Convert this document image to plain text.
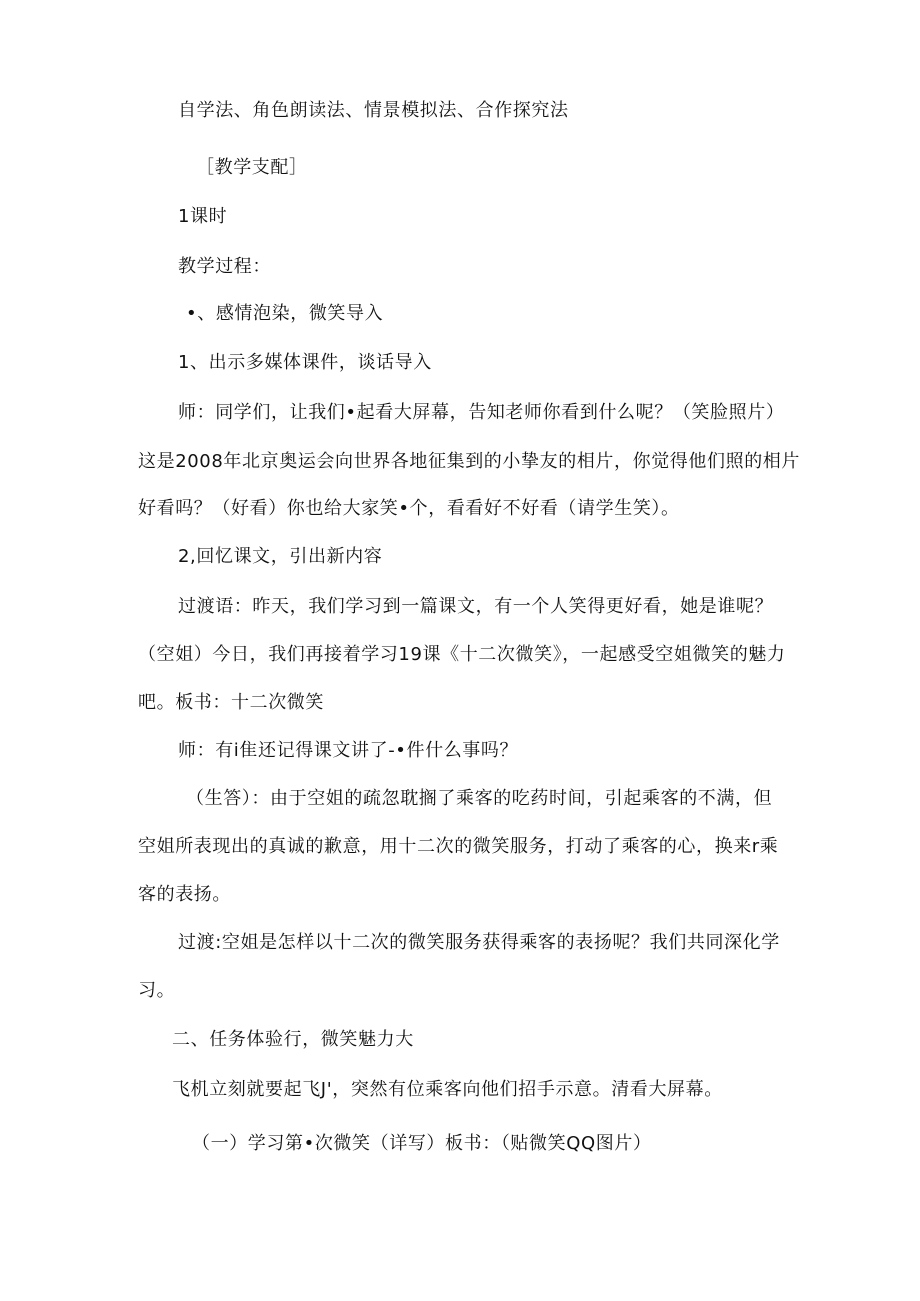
自学法、角色朗读法、情景模拟法、合作探究法
［教学支配］
1课时
教学过程：
•、感情泡染，微笑导入
1、出示多媒体课件，谈话导入
师：同学们，让我们•起看大屏幕，告知老师你看到什么呢？（笑脸照片）
这是2008年北京奥运会向世界各地征集到的小挚友的相片，你觉得他们照的相片
好看吗？（好看）你也给大家笑•个，看看好不好看（请学生笑）。
2,回忆课文，引出新内容
过渡语：昨天，我们学习到一篇课文，有一个人笑得更好看，她是谁呢？
（空姐）今日，我们再接着学习19课《十二次微笑》，一起感受空姐微笑的魅力
吧。板书：十二次微笑
师：有i隹还记得课文讲了-•件什么事吗？
（生答）：由于空姐的疏忽耽搁了乘客的吃药时间，引起乘客的不满，但
空姐所表现出的真诚的歉意，用十二次的微笑服务，打动了乘客的心，换来r乘
客的表扬。
过渡:空姐是怎样以十二次的微笑服务获得乘客的表扬呢？我们共同深化学
习。
二、任务体验行，微笑魅力大
飞机立刻就要起飞J'，突然有位乘客向他们招手示意。清看大屏幕。
（一）学习第•次微笑（详写）板书：（贴微笑QQ图片）
